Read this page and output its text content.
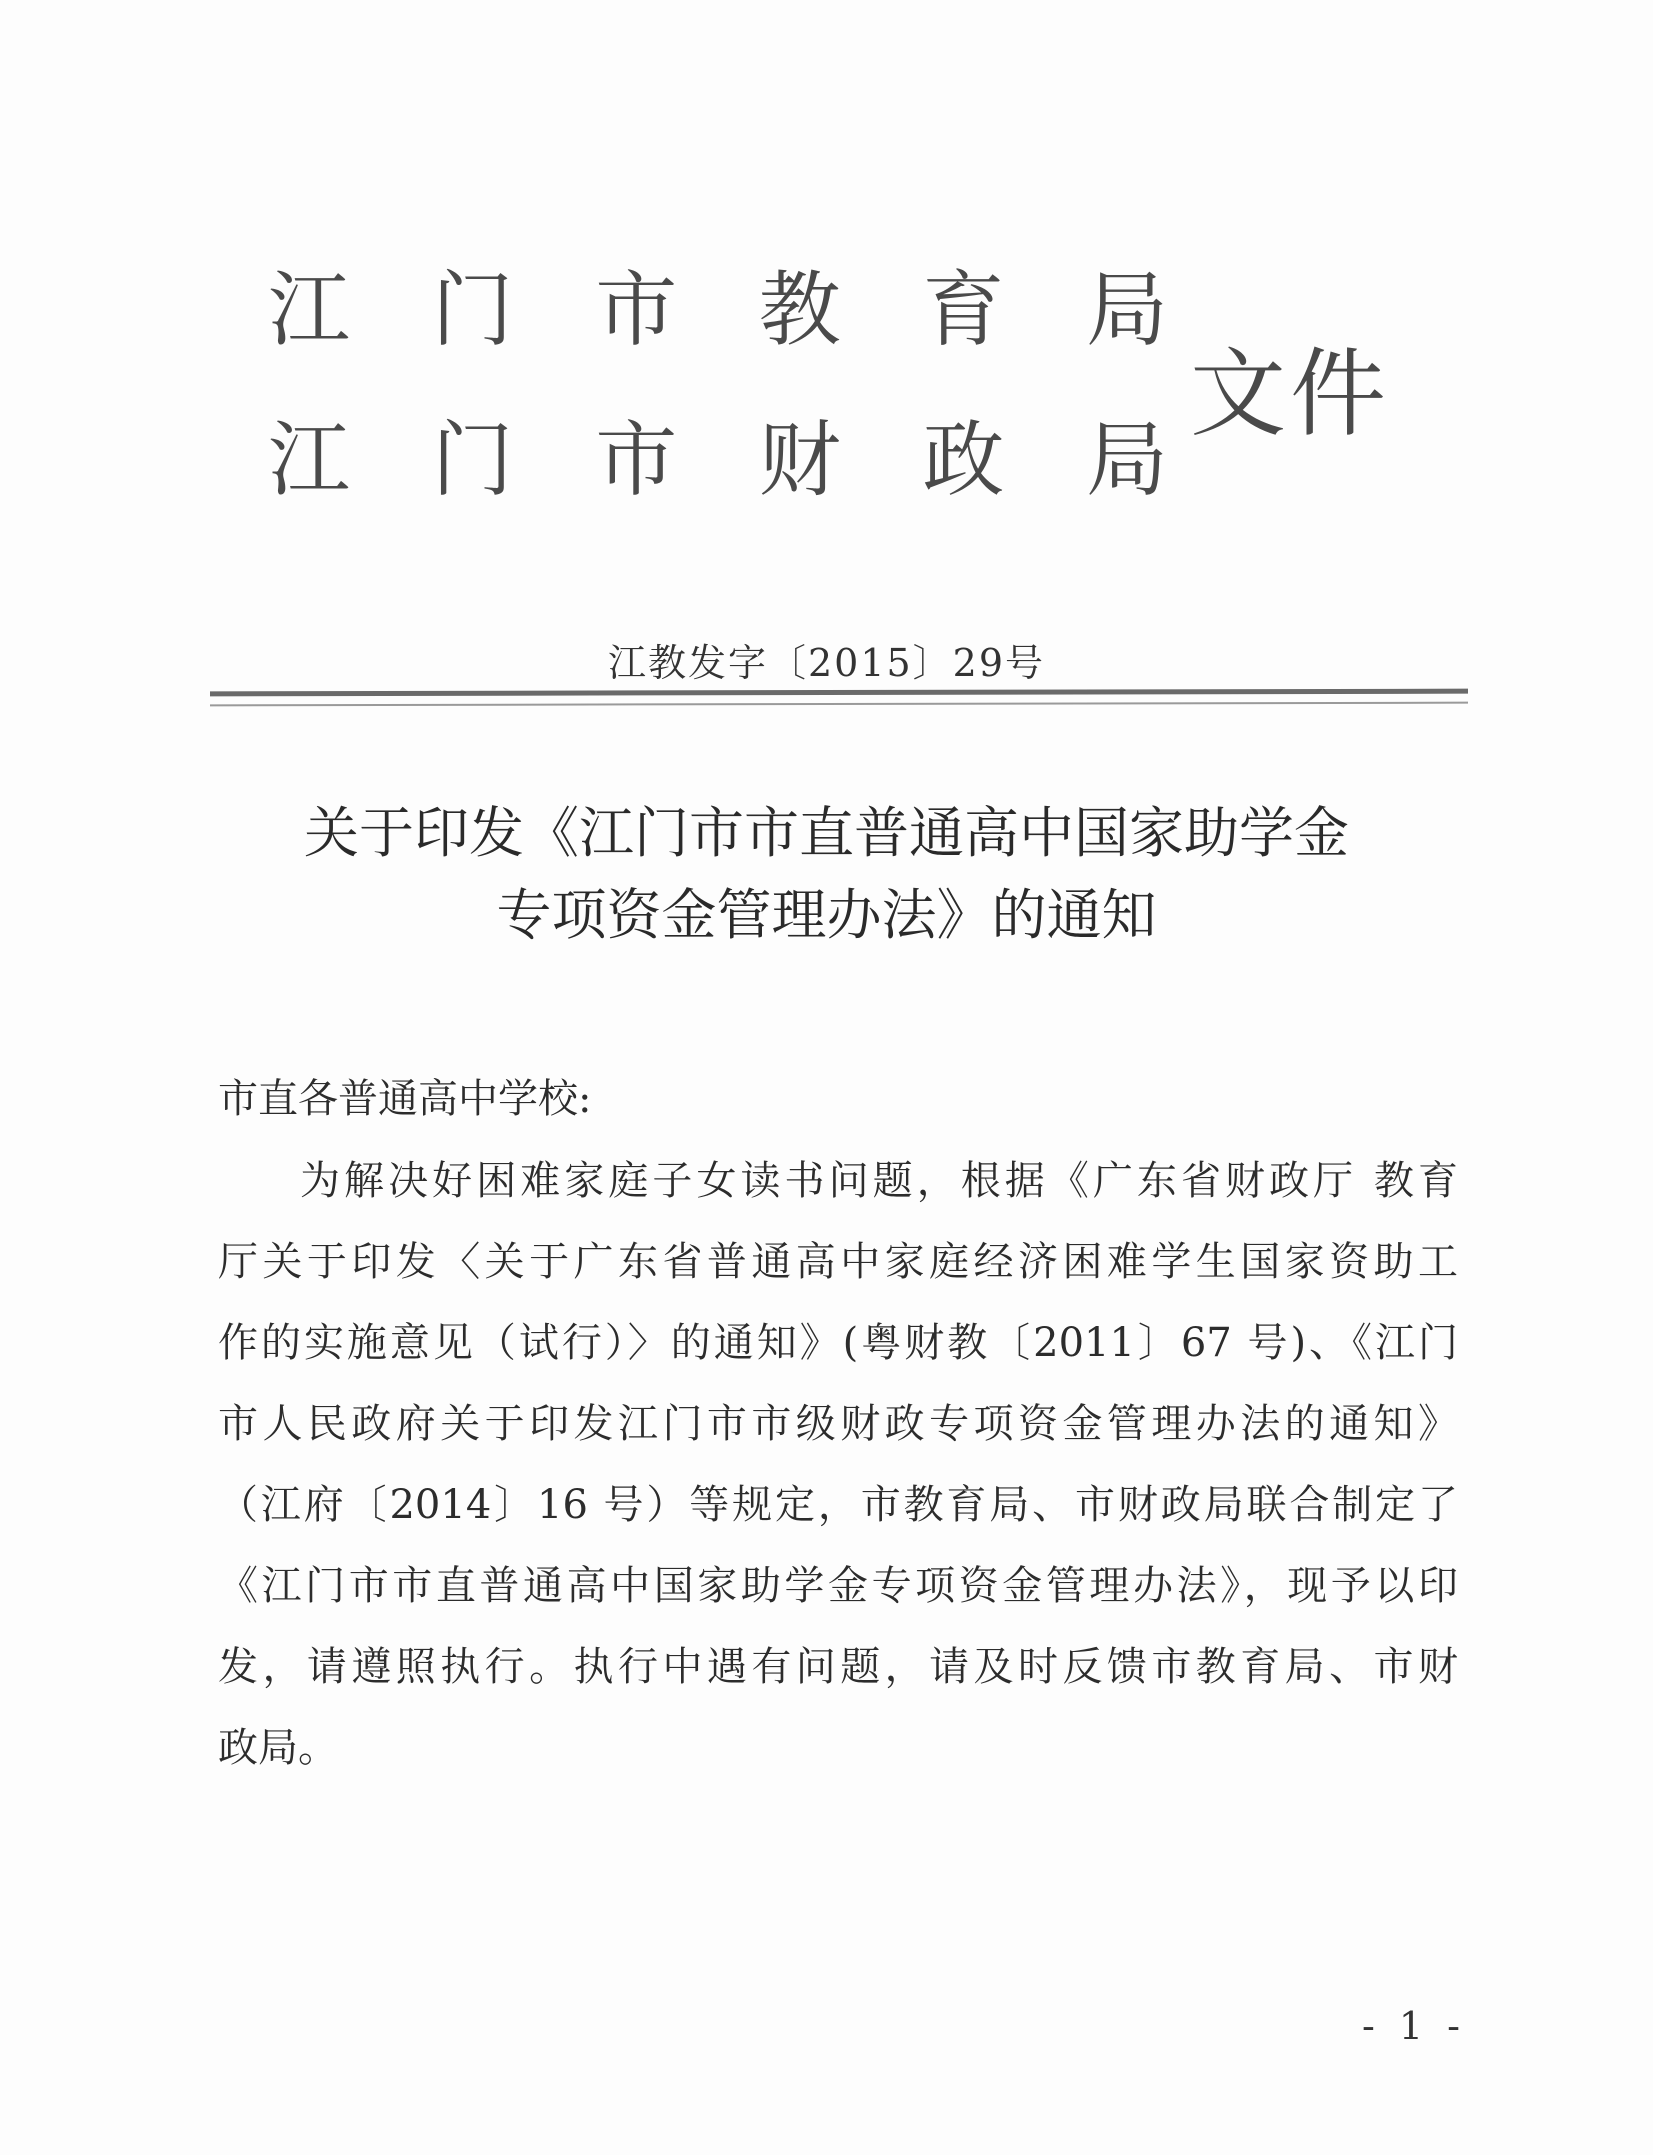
江 门 市 教 育 局
江 门 市 财 政 局
文件
江教发字〔2015〕29号
关于印发《江门市市直普通高中国家助学金
专项资金管理办法》的通知
市直各普通高中学校:
为解决好困难家庭子女读书问题，根据《广东省财政厅 教育
厅关于印发〈关于广东省普通高中家庭经济困难学生国家资助工
作的实施意见（试行）〉的通知》(粤财教〔2011〕67 号)、《江门
市人民政府关于印发江门市市级财政专项资金管理办法的通知》
（江府〔2014〕16 号）等规定，市教育局、市财政局联合制定了
《江门市市直普通高中国家助学金专项资金管理办法》，现予以印
发，请遵照执行。执行中遇有问题，请及时反馈市教育局、市财
政局。
- 1 -
